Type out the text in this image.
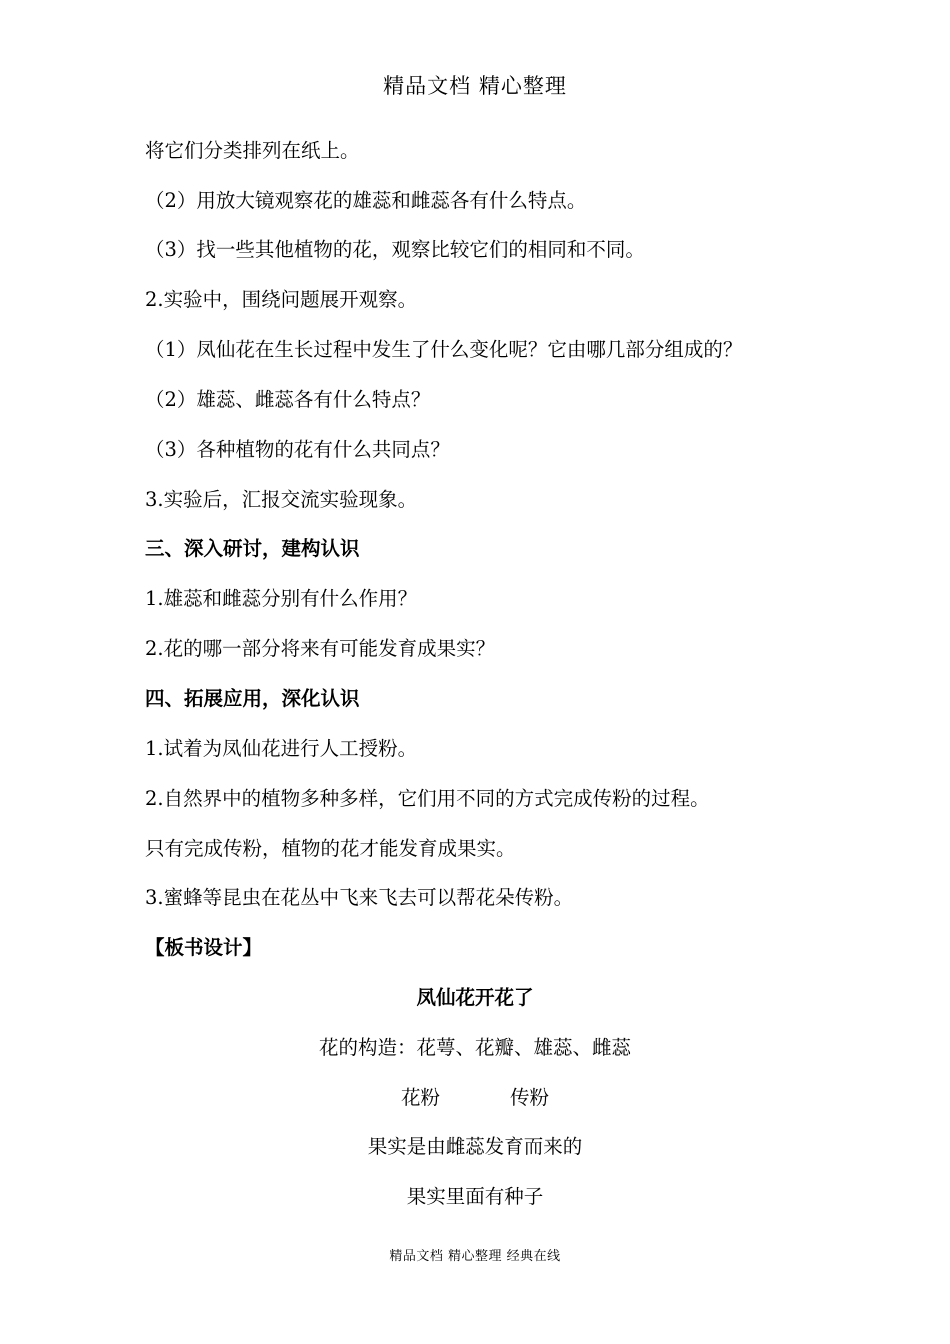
精品文档 精心整理
将它们分类排列在纸上。
（2）用放大镜观察花的雄蕊和雌蕊各有什么特点。
（3）找一些其他植物的花，观察比较它们的相同和不同。
2.实验中，围绕问题展开观察。
（1）凤仙花在生长过程中发生了什么变化呢？它由哪几部分组成的？
（2）雄蕊、雌蕊各有什么特点？
（3）各种植物的花有什么共同点？
3.实验后，汇报交流实验现象。
三、深入研讨，建构认识
1.雄蕊和雌蕊分别有什么作用？
2.花的哪一部分将来有可能发育成果实？
四、拓展应用，深化认识
1.试着为凤仙花进行人工授粉。
2.自然界中的植物多种多样，它们用不同的方式完成传粉的过程。
只有完成传粉，植物的花才能发育成果实。
3.蜜蜂等昆虫在花丛中飞来飞去可以帮花朵传粉。
【板书设计】
凤仙花开花了
花的构造：花萼、花瓣、雄蕊、雌蕊
花粉	传粉
果实是由雌蕊发育而来的
果实里面有种子
精品文档 精心整理 经典在线
